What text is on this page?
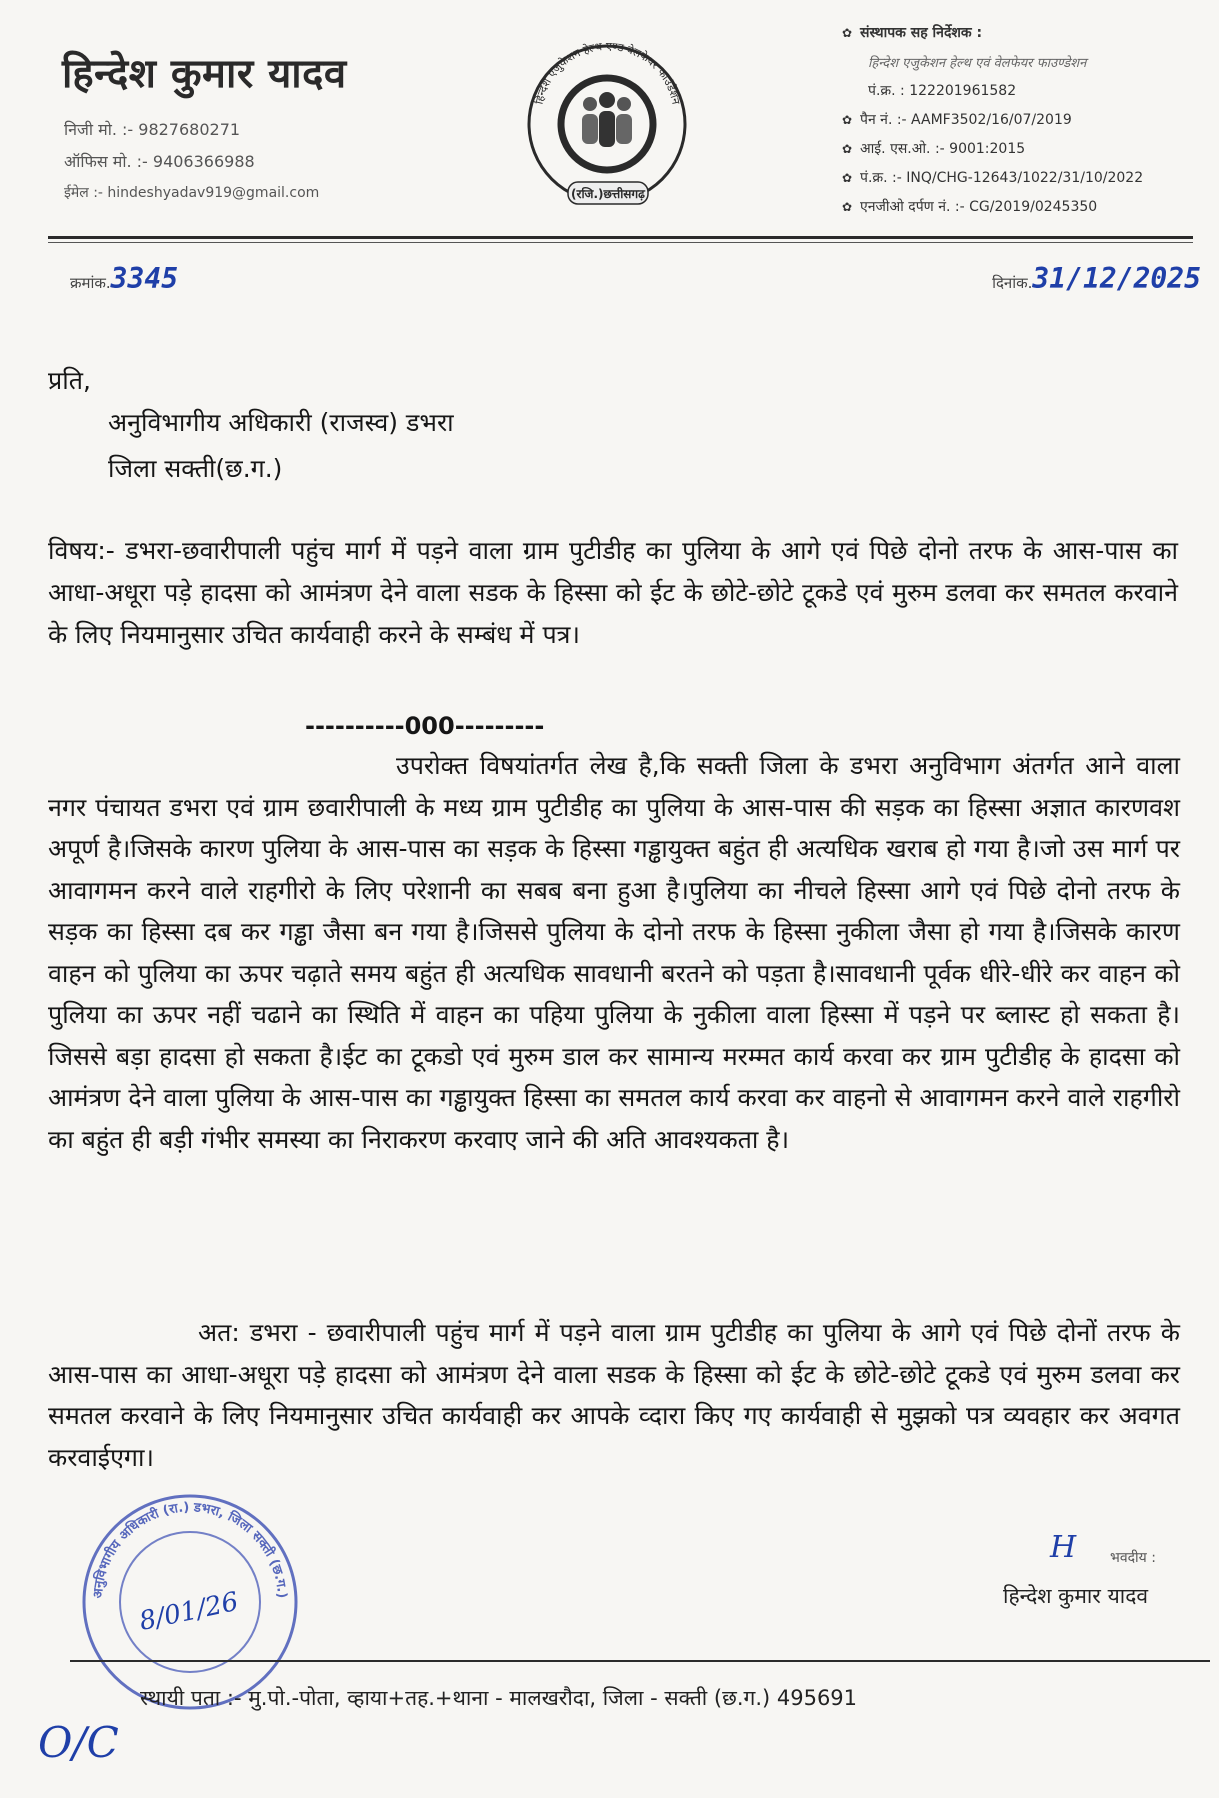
हिन्देश कुमार यादव
निजी मो. :- 9827680271
ऑफिस मो. :- 9406366988
ईमेल :- hindeshyadav919@gmail.com
हिन्देश एजुकेशन हेल्थ एण्ड वेलफेयर फाउंडेशन
(रजि.)छत्तीसगढ़
✿ संस्थापक सह निर्देशक :
हिन्देश एजुकेशन हेल्थ एवं वेलफेयर फाउण्डेशन
पं.क्र. : 122201961582
✿ पैन नं. :- AAMF3502/16/07/2019
✿ आई. एस.ओ. :- 9001:2015
✿ पं.क्र. :- INQ/CHG-12643/1022/31/10/2022
✿ एनजीओ दर्पण नं. :- CG/2019/0245350
क्रमांक.3345	दिनांक.31/12/2025
प्रति,
अनुविभागीय अधिकारी (राजस्व) डभरा
जिला सक्ती(छ.ग.)
विषय:- डभरा-छवारीपाली पहुंच मार्ग में पड़ने वाला ग्राम पुटीडीह का पुलिया के आगे एवं पिछे दोनो तरफ के आस-पास का आधा-अधूरा पड़े हादसा को आमंत्रण देने वाला सडक के हिस्सा को ईट के छोटे-छोटे टूकडे एवं मुरुम डलवा कर समतल करवाने के लिए नियमानुसार उचित कार्यवाही करने के सम्बंध में पत्र।
----------000---------
उपरोक्त विषयांतर्गत लेख है,कि सक्ती जिला के डभरा अनुविभाग अंतर्गत आने वाला नगर पंचायत डभरा एवं ग्राम छवारीपाली के मध्य ग्राम पुटीडीह का पुलिया के आस-पास की सड़क का हिस्सा अज्ञात कारणवश अपूर्ण है।जिसके कारण पुलिया के आस-पास का सड़क के हिस्सा गड्ढायुक्त बहुंत ही अत्यधिक खराब हो गया है।जो उस मार्ग पर आवागमन करने वाले राहगीरो के लिए परेशानी का सबब बना हुआ है।पुलिया का नीचले हिस्सा आगे एवं पिछे दोनो तरफ के सड़क का हिस्सा दब कर गड्ढा जैसा बन गया है।जिससे पुलिया के दोनो तरफ के हिस्सा नुकीला जैसा हो गया है।जिसके कारण वाहन को पुलिया का ऊपर चढ़ाते समय बहुंत ही अत्यधिक सावधानी बरतने को पड़ता है।सावधानी पूर्वक धीरे-धीरे कर वाहन को पुलिया का ऊपर नहीं चढाने का स्थिति में वाहन का पहिया पुलिया के नुकीला वाला हिस्सा में पड़ने पर ब्लास्ट हो सकता है। जिससे बड़ा हादसा हो सकता है।ईट का टूकडो एवं मुरुम डाल कर सामान्य मरम्मत कार्य करवा कर ग्राम पुटीडीह के हादसा को आमंत्रण देने वाला पुलिया के आस-पास का गड्ढायुक्त हिस्सा का समतल कार्य करवा कर वाहनो से आवागमन करने वाले राहगीरो का बहुंत ही बड़ी गंभीर समस्या का निराकरण करवाए जाने की अति आवश्यकता है।
अत: डभरा - छवारीपाली पहुंच मार्ग में पड़ने वाला ग्राम पुटीडीह का पुलिया के आगे एवं पिछे दोनों तरफ के आस-पास का आधा-अधूरा पड़े हादसा को आमंत्रण देने वाला सडक के हिस्सा को ईट के छोटे-छोटे टूकडे एवं मुरुम डलवा कर समतल करवाने के लिए नियमानुसार उचित कार्यवाही कर आपके व्दारा किए गए कार्यवाही से मुझको पत्र व्यवहार कर अवगत करवाईएगा।
अनुविभागीय अधिकारी (रा.) डभरा, जिला सक्ती (छ.ग.)
8/01/26
H भवदीय :
हिन्देश कुमार यादव
स्थायी पता :- मु.पो.-पोता, व्हाया+तह.+थाना - मालखरौदा, जिला - सक्ती (छ.ग.) 495691
O/C
